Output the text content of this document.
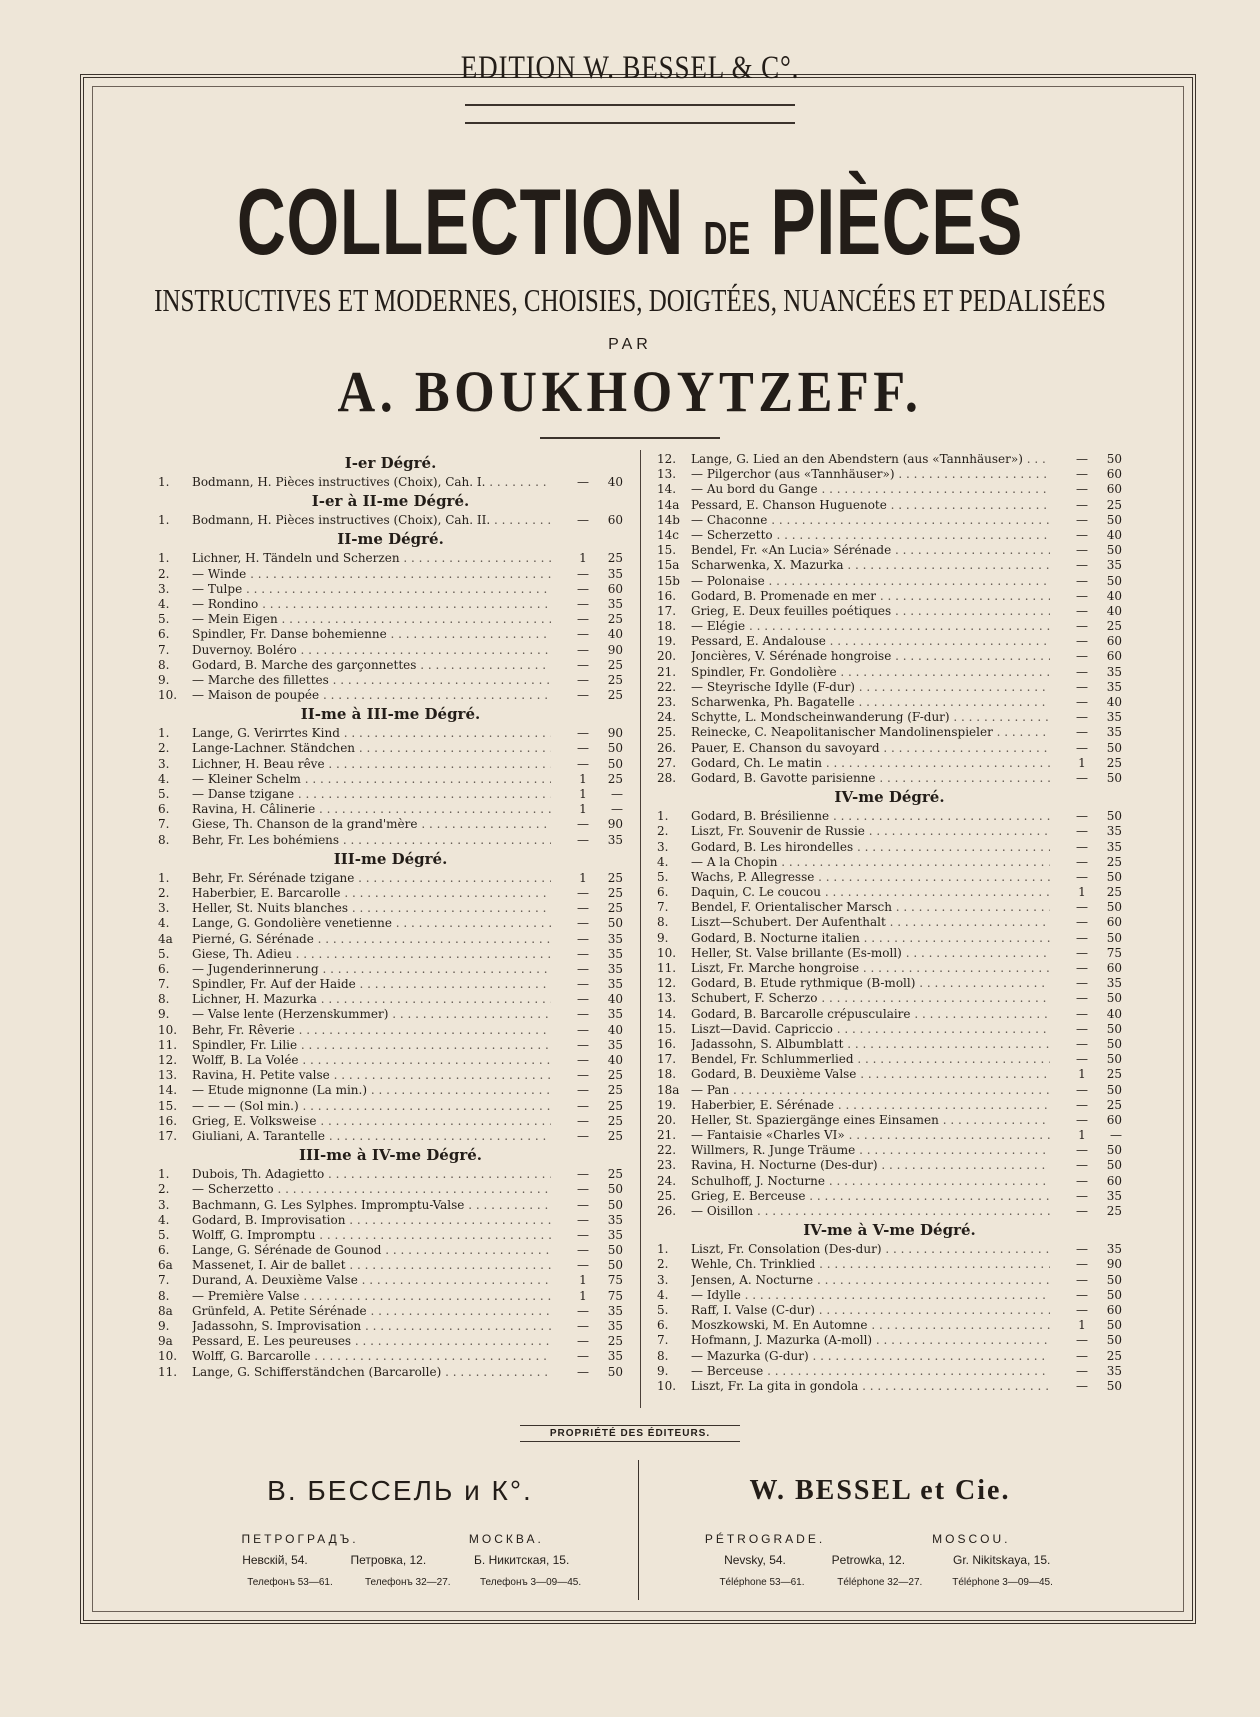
EDITION W. BESSEL & C°.
COLLECTION DE PIÈCES
INSTRUCTIVES ET MODERNES, CHOISIES, DOIGTÉES, NUANCÉES ET PEDALISÉES
PAR
A. BOUKHOYTZEFF.
I-er Dégré.
1.	Bodmann, H. Pièces instructives (Choix), Cah. I. . . .	—	40
I-er à II-me Dégré.
1.	Bodmann, H. Pièces instructives (Choix), Cah. II. . . .	—	60
II-me Dégré.
1.	Lichner, H. Tändeln und Scherzen . . .	1	25
2.	— Winde . . .	—	35
3.	— Tulpe . . .	—	60
4.	— Rondino . . .	—	35
5.	— Mein Eigen . . .	—	25
6.	Spindler, Fr. Danse bohemienne . . .	—	40
7.	Duvernoy. Boléro . . .	—	90
8.	Godard, B. Marche des garçonnettes . . .	—	25
9.	— Marche des fillettes . . .	—	25
10.	— Maison de poupée . . .	—	25
II-me à III-me Dégré.
1.	Lange, G. Verirrtes Kind . . .	—	90
2.	Lange-Lachner. Ständchen . . .	—	50
3.	Lichner, H. Beau rêve . . .	—	50
4.	— Kleiner Schelm . . .	1	25
5.	— Danse tzigane . . .	1	—
6.	Ravina, H. Câlinerie . . .	1	—
7.	Giese, Th. Chanson de la grand'mère . . .	—	90
8.	Behr, Fr. Les bohémiens . . .	—	35
III-me Dégré.
1.	Behr, Fr. Sérénade tzigane . . .	1	25
2.	Haberbier, E. Barcarolle . . .	—	25
3.	Heller, St. Nuits blanches . . .	—	25
4.	Lange, G. Gondolière venetienne . . .	—	50
4a	Pierné, G. Sérénade . . .	—	35
5.	Giese, Th. Adieu . . .	—	35
6.	— Jugenderinnerung . . .	—	35
7.	Spindler, Fr. Auf der Haide . . .	—	35
8.	Lichner, H. Mazurka . . .	—	40
9.	— Valse lente (Herzenskummer) . . .	—	35
10.	Behr, Fr. Rêverie . . .	—	40
11.	Spindler, Fr. Lilie . . .	—	35
12.	Wolff, B. La Volée . . .	—	40
13.	Ravina, H. Petite valse . . .	—	25
14.	— Etude mignonne (La min.) . . .	—	25
15.	— — — (Sol min.) . . .	—	25
16.	Grieg, E. Volksweise . . .	—	25
17.	Giuliani, A. Tarantelle . . .	—	25
III-me à IV-me Dégré.
1.	Dubois, Th. Adagietto . . .	—	25
2.	— Scherzetto . . .	—	50
3.	Bachmann, G. Les Sylphes. Impromptu-Valse . . .	—	50
4.	Godard, B. Improvisation . . .	—	35
5.	Wolff, G. Impromptu . . .	—	35
6.	Lange, G. Sérénade de Gounod . . .	—	50
6a	Massenet, I. Air de ballet . . .	—	50
7.	Durand, A. Deuxième Valse . . .	1	75
8.	— Première Valse . . .	1	75
8a	Grünfeld, A. Petite Sérénade . . .	—	35
9.	Jadassohn, S. Improvisation . . .	—	35
9a	Pessard, E. Les peureuses . . .	—	25
10.	Wolff, G. Barcarolle . . .	—	35
11.	Lange, G. Schifferständchen (Barcarolle) . . .	—	50
12.	Lange, G. Lied an den Abendstern (aus «Tannhäuser») . . .	—	50
13.	— Pilgerchor (aus «Tannhäuser») . . .	—	60
14.	— Au bord du Gange . . .	—	60
14a Pessard, E. Chanson Huguenote . . .	—	25
14b — Chaconne . . .	—	50
14c	— Scherzetto . . .	—	40
15.	Bendel, Fr. «An Lucia» Sérénade . . .	—	50
15a Scharwenka, X. Mazurka . . .	—	35
15b — Polonaise . . .	—	50
16.	Godard, B. Promenade en mer . . .	—	40
17.	Grieg, E. Deux feuilles poétiques . . .	—	40
18.	— Elégie . . .	—	25
19.	Pessard, E. Andalouse . . .	—	60
20.	Joncières, V. Sérénade hongroise . . .	—	60
21.	Spindler, Fr. Gondolière . . .	—	35
22.	— Steyrische Idylle (F-dur) . . .	—	35
23.	Scharwenka, Ph. Bagatelle . . .	—	40
24.	Schytte, L. Mondscheinwanderung (F-dur) . . .	—	35
25.	Reinecke, C. Neapolitanischer Mandolinenspieler . . .	—	35
26.	Pauer, E. Chanson du savoyard . . .	—	50
27.	Godard, Ch. Le matin . . .	1	25
28.	Godard, B. Gavotte parisienne . . .	—	50
IV-me Dégré.
1.	Godard, B. Brésilienne . . .	—	50
2.	Liszt, Fr. Souvenir de Russie . . .	—	35
3.	Godard, B. Les hirondelles . . .	—	35
4.	— A la Chopin . . .	—	25
5.	Wachs, P. Allegresse . . .	—	50
6.	Daquin, C. Le coucou . . .	1	25
7.	Bendel, F. Orientalischer Marsch . . .	—	50
8.	Liszt—Schubert. Der Aufenthalt . . .	—	60
9.	Godard, B. Nocturne italien . . .	—	50
10.	Heller, St. Valse brillante (Es-moll) . . .	—	75
11.	Liszt, Fr. Marche hongroise . . .	—	60
12.	Godard, B. Etude rythmique (B-moll) . . .	—	35
13.	Schubert, F. Scherzo . . .	—	50
14.	Godard, B. Barcarolle crépusculaire . . .	—	40
15.	Liszt—David. Capriccio . . .	—	50
16.	Jadassohn, S. Albumblatt . . .	—	50
17.	Bendel, Fr. Schlummerlied . . .	—	50
18.	Godard, B. Deuxième Valse . . .	1	25
18a — Pan . . .	—	50
19.	Haberbier, E. Sérénade . . .	—	25
20.	Heller, St. Spaziergänge eines Einsamen . . .	—	60
21.	— Fantaisie «Charles VI» . . .	1	—
22.	Willmers, R. Junge Träume . . .	—	50
23.	Ravina, H. Nocturne (Des-dur) . . .	—	50
24.	Schulhoff, J. Nocturne . . .	—	60
25.	Grieg, E. Berceuse . . .	—	35
26.	— Oisillon . . .	—	25
IV-me à V-me Dégré.
1.	Liszt, Fr. Consolation (Des-dur) . . .	—	35
2.	Wehle, Ch. Trinklied . . .	—	90
3.	Jensen, A. Nocturne . . .	—	50
4.	— Idylle . . .	—	50
5.	Raff, I. Valse (C-dur) . . .	—	60
6.	Moszkowski, M. En Automne . . .	1	50
7.	Hofmann, J. Mazurka (A-moll) . . .	—	50
8.	— Mazurka (G-dur) . . .	—	25
9.	— Berceuse . . .	—	35
10.	Liszt, Fr. La gita in gondola . . .	—	50
PROPRIÉTÉ DES ÉDITEURS.
В. БЕССЕЛЬ и К°.	W. BESSEL et Cie.
ПЕТРОГРАДЪ.	МОСКВА.
Невскій, 54.	Петровка, 12.	Б. Никитская, 15.
Телефонъ 53—61.	Телефонъ 32—27.	Телефонъ 3—09—45.
PÉTROGRADE.	MOSCOU.
Nevsky, 54.	Petrowka, 12.	Gr. Nikitskaya, 15.
Téléphone 53—61.	Téléphone 32—27.	Téléphone 3—09—45.
